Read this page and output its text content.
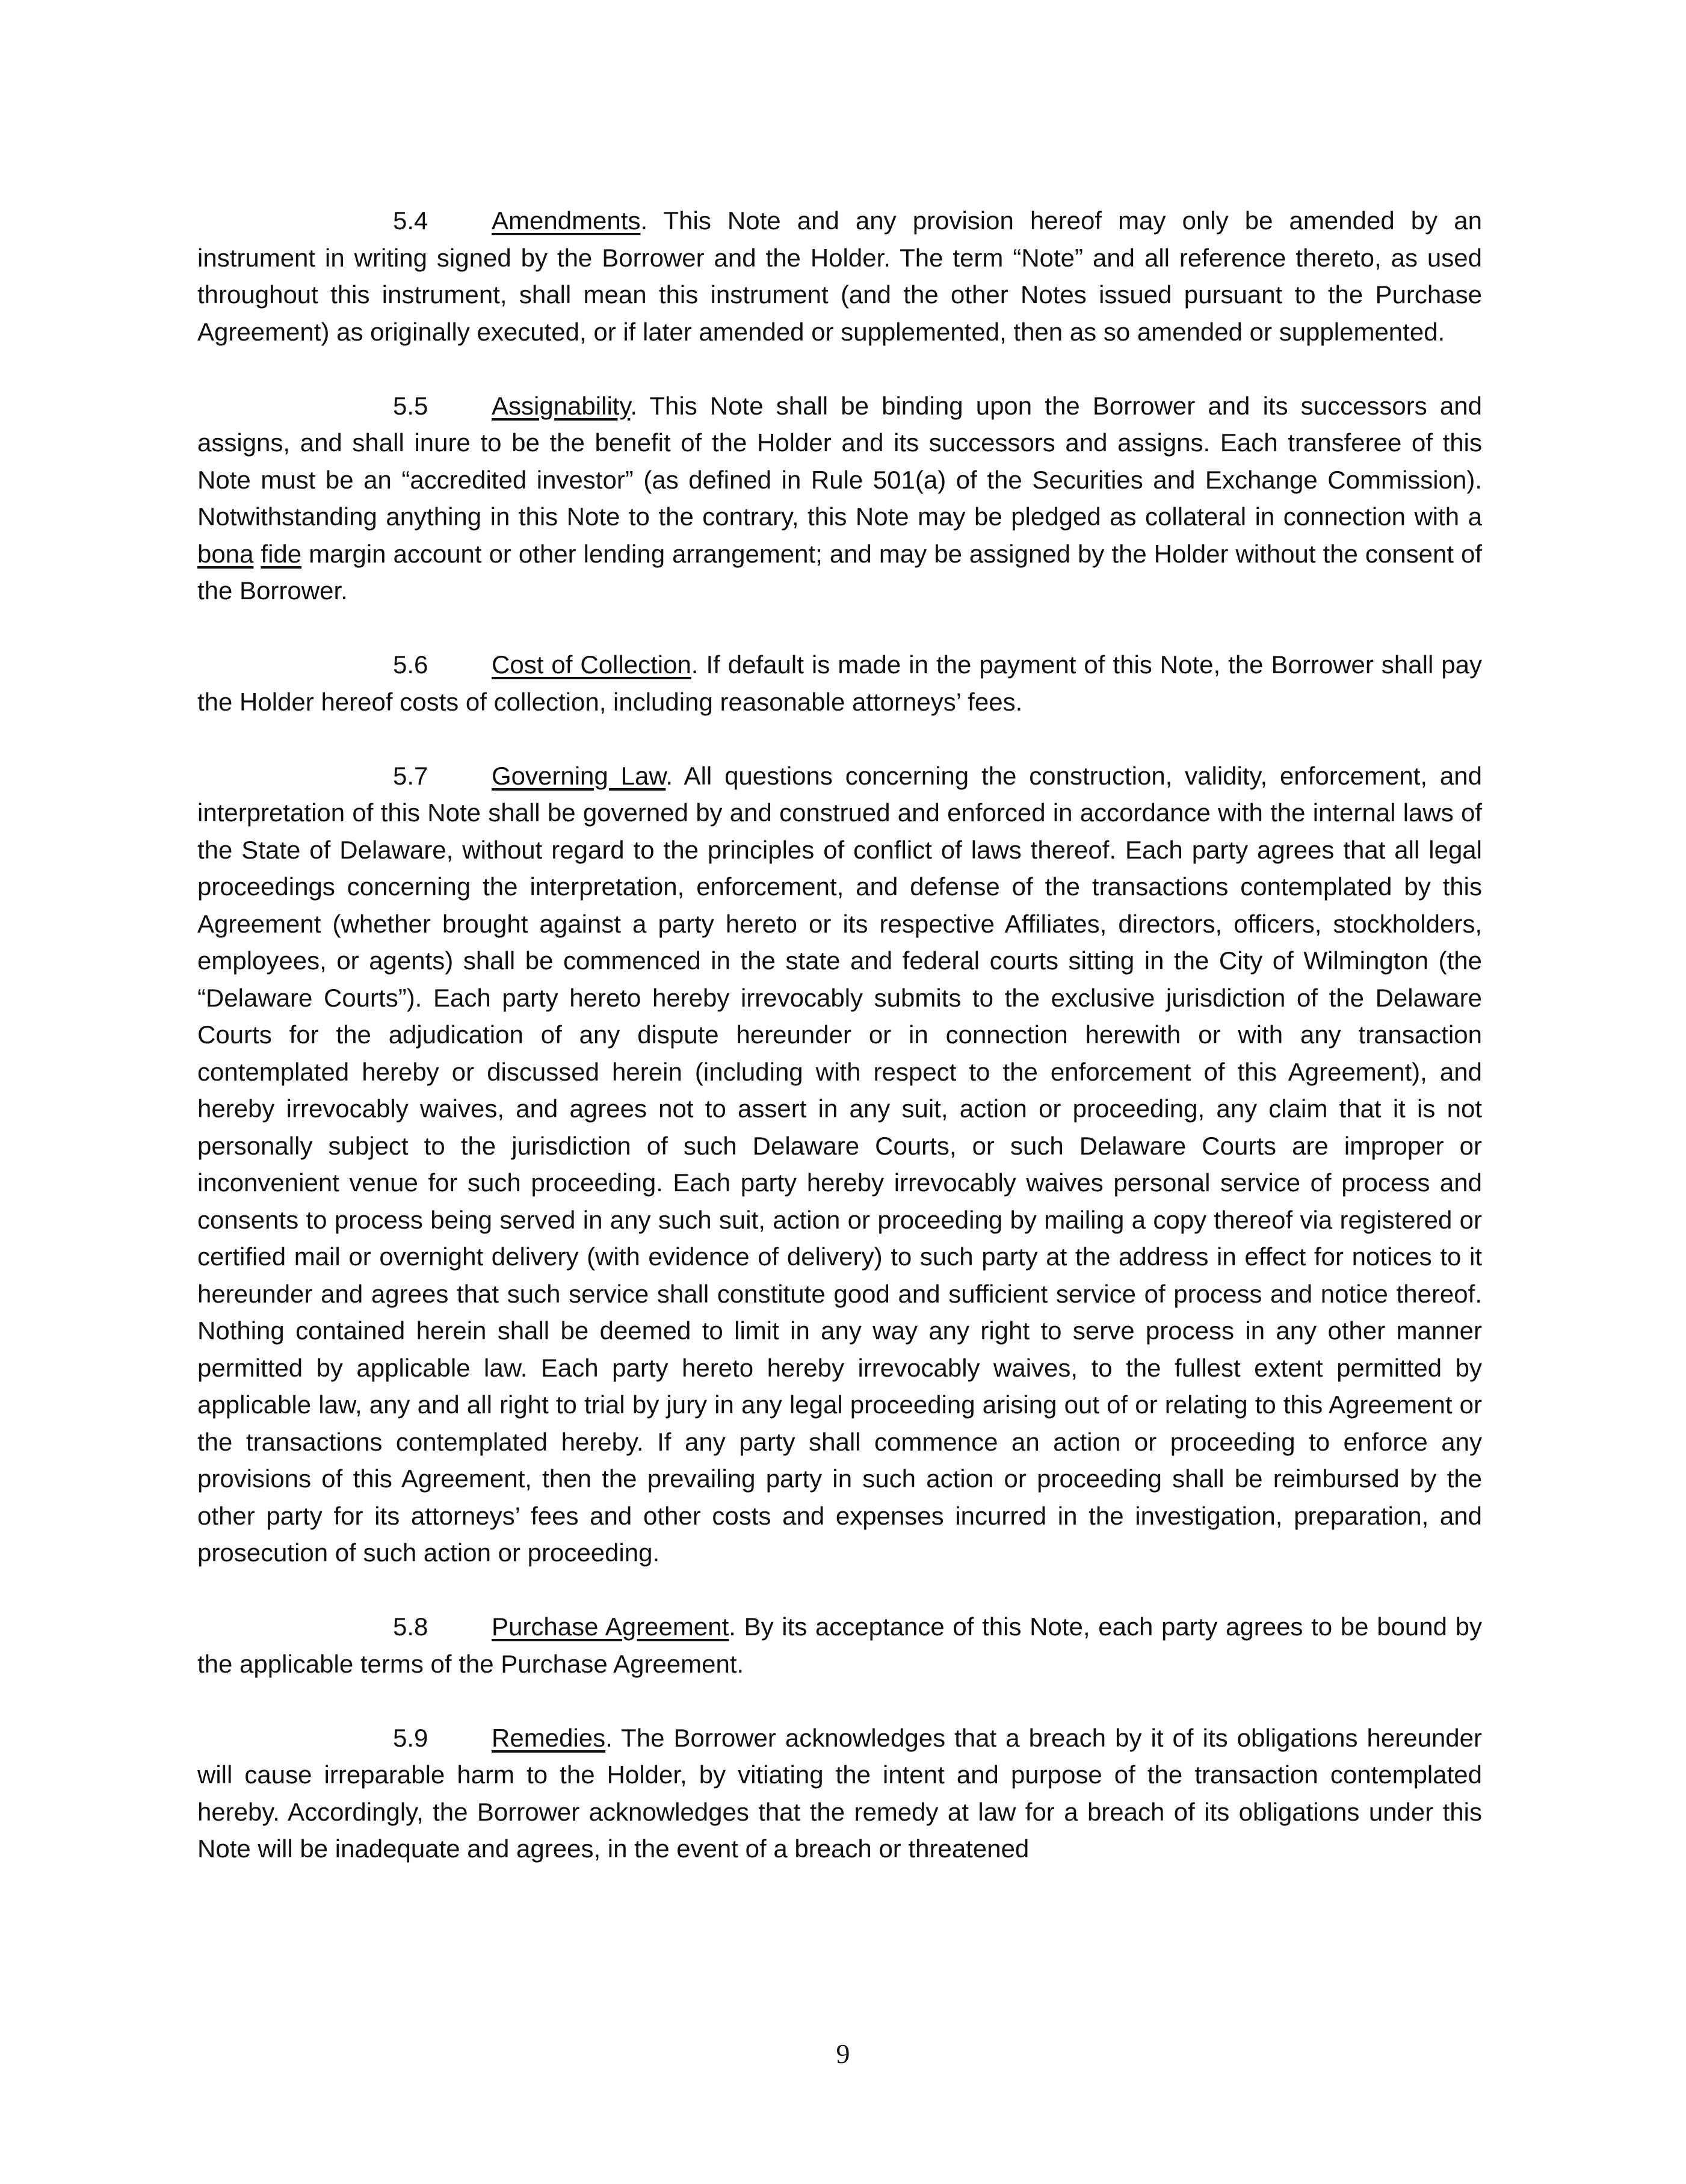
5.4	Amendments. This Note and any provision hereof may only be amended by an instrument in writing signed by the Borrower and the Holder. The term “Note” and all reference thereto, as used throughout this instrument, shall mean this instrument (and the other Notes issued pursuant to the Purchase Agreement) as originally executed, or if later amended or supplemented, then as so amended or supplemented.

5.5	Assignability. This Note shall be binding upon the Borrower and its successors and assigns, and shall inure to be the benefit of the Holder and its successors and assigns. Each transferee of this Note must be an “accredited investor” (as defined in Rule 501(a) of the Securities and Exchange Commission). Notwithstanding anything in this Note to the contrary, this Note may be pledged as collateral in connection with a bona fide margin account or other lending arrangement; and may be assigned by the Holder without the consent of the Borrower.

5.6	Cost of Collection. If default is made in the payment of this Note, the Borrower shall pay the Holder hereof costs of collection, including reasonable attorneys’ fees.

5.7	Governing Law. All questions concerning the construction, validity, enforcement, and interpretation of this Note shall be governed by and construed and enforced in accordance with the internal laws of the State of Delaware, without regard to the principles of conflict of laws thereof. Each party agrees that all legal proceedings concerning the interpretation, enforcement, and defense of the transactions contemplated by this Agreement (whether brought against a party hereto or its respective Affiliates, directors, officers, stockholders, employees, or agents) shall be commenced in the state and federal courts sitting in the City of Wilmington (the “Delaware Courts”). Each party hereto hereby irrevocably submits to the exclusive jurisdiction of the Delaware Courts for the adjudication of any dispute hereunder or in connection herewith or with any transaction contemplated hereby or discussed herein (including with respect to the enforcement of this Agreement), and hereby irrevocably waives, and agrees not to assert in any suit, action or proceeding, any claim that it is not personally subject to the jurisdiction of such Delaware Courts, or such Delaware Courts are improper or inconvenient venue for such proceeding. Each party hereby irrevocably waives personal service of process and consents to process being served in any such suit, action or proceeding by mailing a copy thereof via registered or certified mail or overnight delivery (with evidence of delivery) to such party at the address in effect for notices to it hereunder and agrees that such service shall constitute good and sufficient service of process and notice thereof. Nothing contained herein shall be deemed to limit in any way any right to serve process in any other manner permitted by applicable law. Each party hereto hereby irrevocably waives, to the fullest extent permitted by applicable law, any and all right to trial by jury in any legal proceeding arising out of or relating to this Agreement or the transactions contemplated hereby. If any party shall commence an action or proceeding to enforce any provisions of this Agreement, then the prevailing party in such action or proceeding shall be reimbursed by the other party for its attorneys’ fees and other costs and expenses incurred in the investigation, preparation, and prosecution of such action or proceeding.

5.8	Purchase Agreement. By its acceptance of this Note, each party agrees to be bound by the applicable terms of the Purchase Agreement.

5.9	Remedies. The Borrower acknowledges that a breach by it of its obligations hereunder will cause irreparable harm to the Holder, by vitiating the intent and purpose of the transaction contemplated hereby. Accordingly, the Borrower acknowledges that the remedy at law for a breach of its obligations under this Note will be inadequate and agrees, in the event of a breach or threatened

9
